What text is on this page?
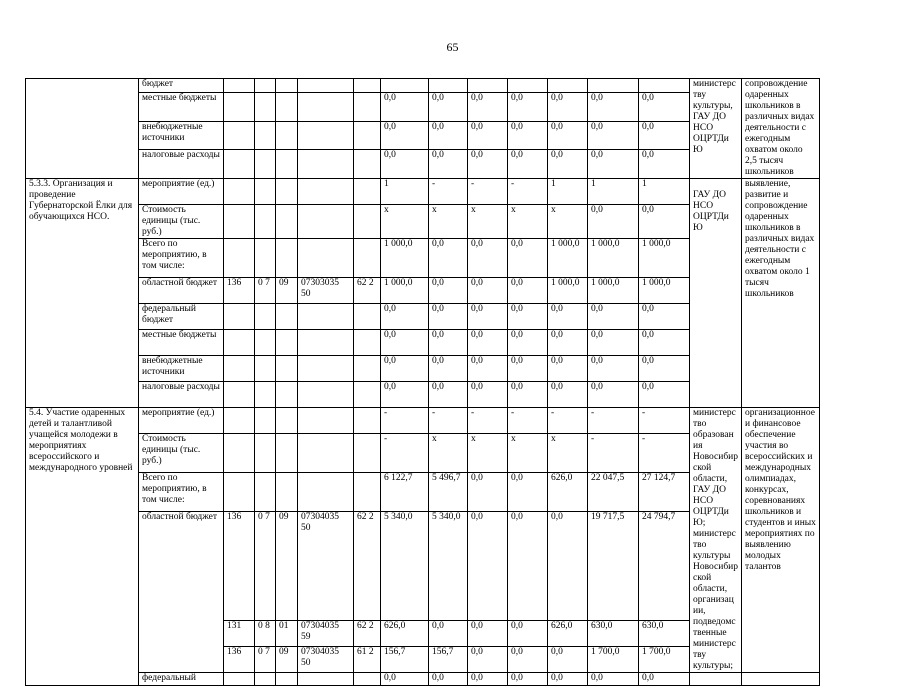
65
	бюджет													министерству культуры, ГАУ ДО НСО ОЦРТДиЮ	сопровождение одаренных школьников в различных видах деятельности с ежегодным охватом около 2,5 тысяч школьников
	местные бюджеты						0,0	0,0	0,0	0,0	0,0	0,0	0,0		
	внебюджетные источники						0,0	0,0	0,0	0,0	0,0	0,0	0,0		
	налоговые расходы						0,0	0,0	0,0	0,0	0,0	0,0	0,0		
5.3.3. Организация и проведение Губернаторской Ёлки для обучающихся НСО.	мероприятие (ед.)						1	-	-	-	1	1	1	ГАУ ДО НСО ОЦРТДиЮ	выявление, развитие и сопровождение одаренных школьников в различных видах деятельности с ежегодным охватом около 1 тысяч школьников
	Стоимость единицы (тыс. руб.)						x	x	x	x	x	0,0	0,0		
	Всего по мероприятию, в том числе:						1 000,0	0,0	0,0	0,0	1 000,0	1 000,0	1 000,0		
	областной бюджет	136	0 7	09	07303035 50	62 2	1 000,0	0,0	0,0	0,0	1 000,0	1 000,0	1 000,0		
	федеральный бюджет						0,0	0,0	0,0	0,0	0,0	0,0	0,0		
	местные бюджеты						0,0	0,0	0,0	0,0	0,0	0,0	0,0		
	внебюджетные источники						0,0	0,0	0,0	0,0	0,0	0,0	0,0		
	налоговые расходы						0,0	0,0	0,0	0,0	0,0	0,0	0,0		
5.4. Участие одаренных детей и талантливой учащейся молодежи в мероприятиях всероссийского и международного уровней	мероприятие (ед.)						-	-	-	-	-	-	-	министерство образования Новосибирской области, ГАУ ДО НСО ОЦРТДиЮ; министерство культуры Новосибирской области, организации, подведомственные министерству культуры;	организационное и финансовое обеспечение участия во всероссийских и международных олимпиадах, конкурсах, соревнованиях школьников и студентов и иных мероприятиях по выявлению молодых талантов
	Стоимость единицы (тыс. руб.)						-	x	x	x	x	-	-		
	Всего по мероприятию, в том числе:						6 122,7	5 496,7	0,0	0,0	626,0	22 047,5	27 124,7		
	областной бюджет	136	0 7	09	07304035 50	62 2	5 340,0	5 340,0	0,0	0,0	0,0	19 717,5	24 794,7		
		131	0 8	01	07304035 59	62 2	626,0	0,0	0,0	0,0	626,0	630,0	630,0		
		136	0 7	09	07304035 50	61 2	156,7	156,7	0,0	0,0	0,0	1 700,0	1 700,0		
	федеральный						0,0	0,0	0,0	0,0	0,0	0,0	0,0		
